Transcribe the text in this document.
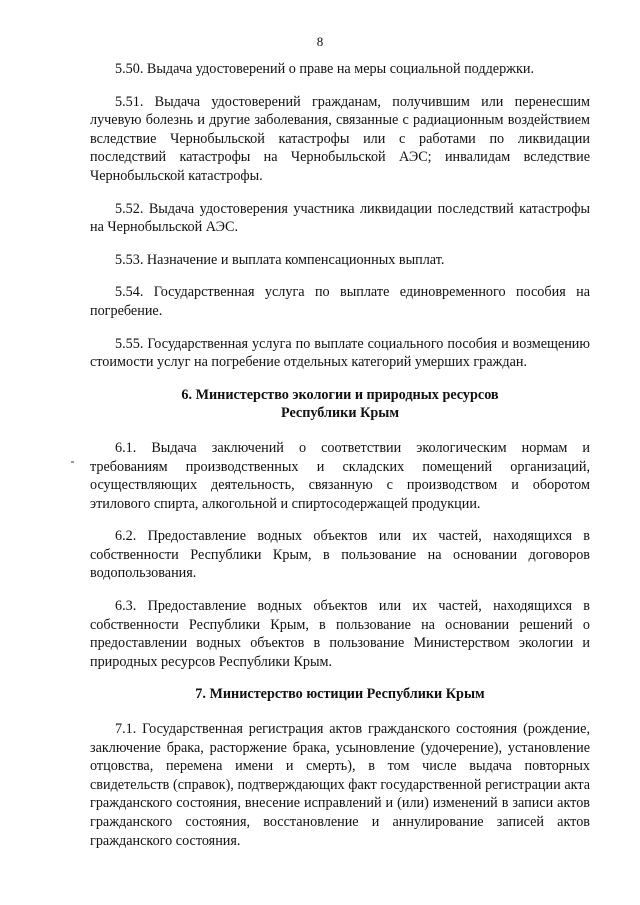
8

5.50. Выдача удостоверений о праве на меры социальной поддержки.

5.51. Выдача удостоверений гражданам, получившим или перенесшим лучевую болезнь и другие заболевания, связанные с радиационным воздействием вследствие Чернобыльской катастрофы или с работами по ликвидации последствий катастрофы на Чернобыльской АЭС; инвалидам вследствие Чернобыльской катастрофы.

5.52. Выдача удостоверения участника ликвидации последствий катастрофы на Чернобыльской АЭС.

5.53. Назначение и выплата компенсационных выплат.

5.54. Государственная услуга по выплате единовременного пособия на погребение.

5.55. Государственная услуга по выплате социального пособия и возмещению стоимости услуг на погребение отдельных категорий умерших граждан.

6. Министерство экологии и природных ресурсов
Республики Крым

6.1. Выдача заключений о соответствии экологическим нормам и требованиям производственных и складских помещений организаций, осуществляющих деятельность, связанную с производством и оборотом этилового спирта, алкогольной и спиртосодержащей продукции.

6.2. Предоставление водных объектов или их частей, находящихся в собственности Республики Крым, в пользование на основании договоров водопользования.

6.3. Предоставление водных объектов или их частей, находящихся в собственности Республики Крым, в пользование на основании решений о предоставлении водных объектов в пользование Министерством экологии и природных ресурсов Республики Крым.

7. Министерство юстиции Республики Крым

7.1. Государственная регистрация актов гражданского состояния (рождение, заключение брака, расторжение брака, усыновление (удочерение), установление отцовства, перемена имени и смерть), в том числе выдача повторных свидетельств (справок), подтверждающих факт государственной регистрации акта гражданского состояния, внесение исправлений и (или) изменений в записи актов гражданского состояния, восстановление и аннулирование записей актов гражданского состояния.
